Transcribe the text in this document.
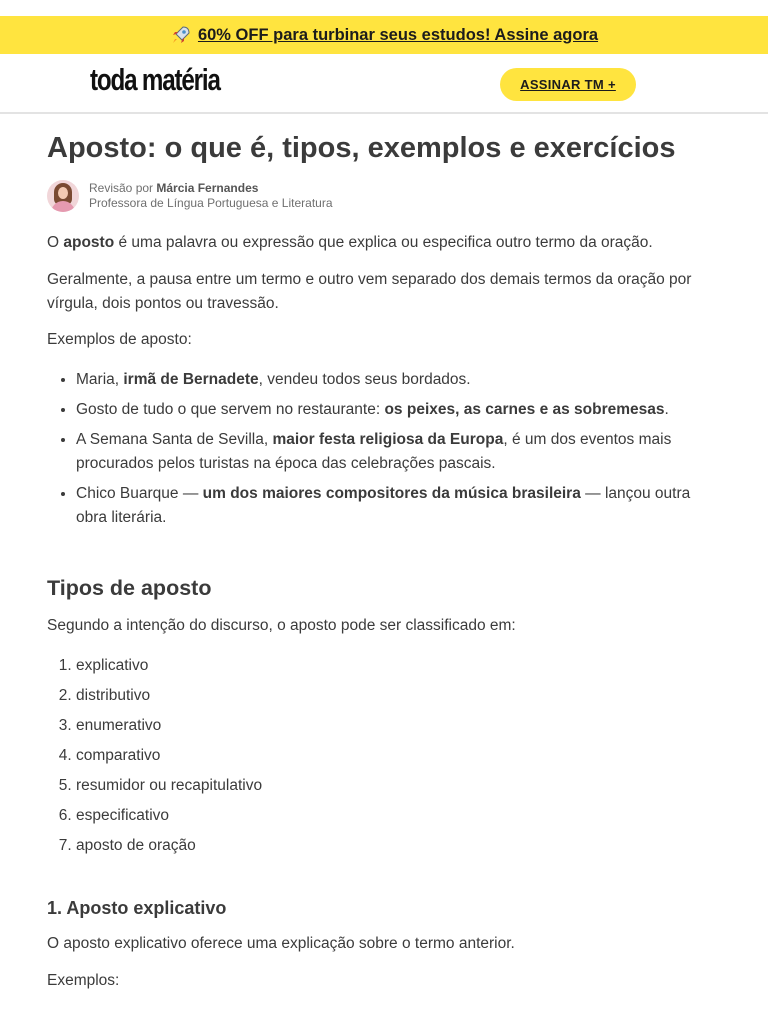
60% OFF para turbinar seus estudos! Assine agora
toda matéria	ASSINAR TM +
Aposto: o que é, tipos, exemplos e exercícios
Revisão por Márcia Fernandes
Professora de Língua Portuguesa e Literatura

O aposto é uma palavra ou expressão que explica ou especifica outro termo da oração.

Geralmente, a pausa entre um termo e outro vem separado dos demais termos da oração por vírgula, dois pontos ou travessão.

Exemplos de aposto:

• Maria, irmã de Bernadete, vendeu todos seus bordados.
• Gosto de tudo o que servem no restaurante: os peixes, as carnes e as sobremesas.
• A Semana Santa de Sevilla, maior festa religiosa da Europa, é um dos eventos mais procurados pelos turistas na época das celebrações pascais.
• Chico Buarque — um dos maiores compositores da música brasileira — lançou outra obra literária.
Tipos de aposto

Segundo a intenção do discurso, o aposto pode ser classificado em:

1. explicativo
2. distributivo
3. enumerativo
4. comparativo
5. resumidor ou recapitulativo
6. especificativo
7. aposto de oração
1. Aposto explicativo

O aposto explicativo oferece uma explicação sobre o termo anterior.

Exemplos:
